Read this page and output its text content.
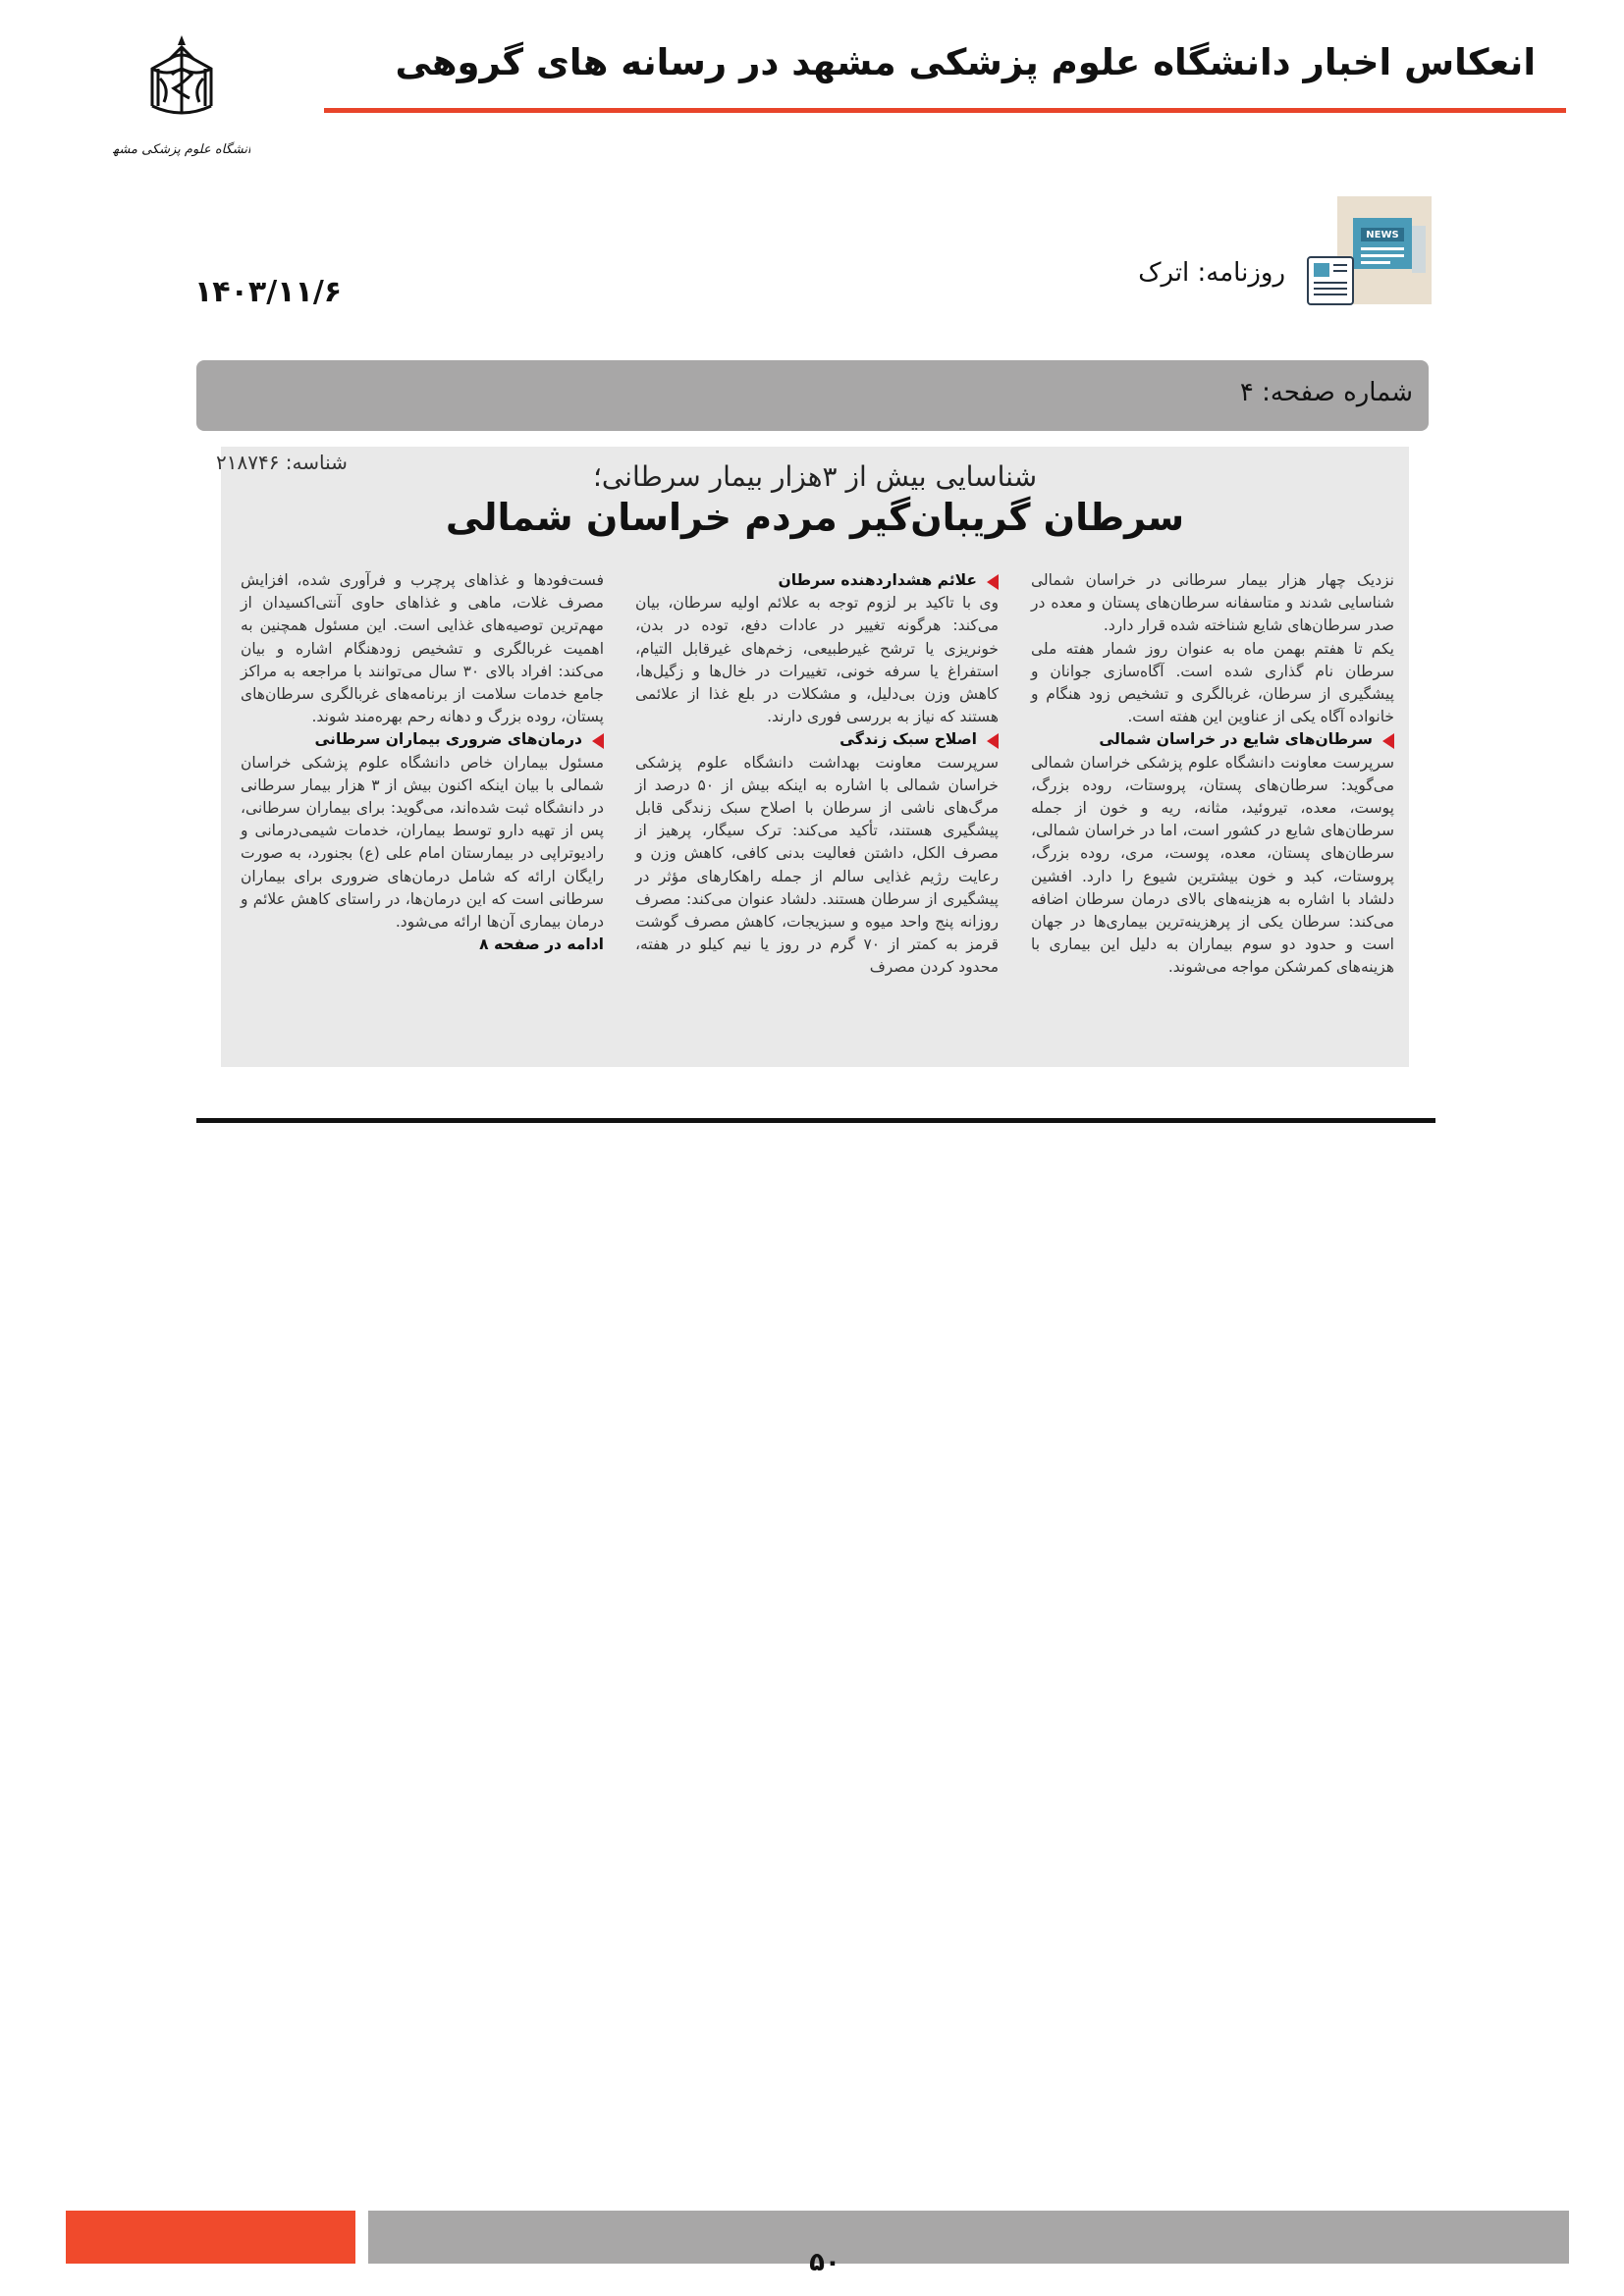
انعکاس اخبار دانشگاه علوم پزشکی مشهد در رسانه های گروهی
دانشگاه علوم پزشکی مشهد
NEWS
روزنامه: اترک
۱۴۰۳/۱۱/۶
شماره صفحه: ۴
شناسایی بیش از ۳هزار بیمار سرطانی؛
سرطان گریبان‌گیر مردم خراسان شمالی

نزدیک چهار هزار بیمار سرطانی در خراسان شمالی شناسایی شدند و متاسفانه سرطان‌های پستان و معده در صدر سرطان‌های شایع شناخته شده قرار دارد.

یکم تا هفتم بهمن ماه به عنوان روز شمار هفته ملی سرطان نام گذاری شده است. آگاه‌سازی جوانان و پیشگیری از سرطان، غربالگری و تشخیص زود هنگام و خانواده آگاه یکی از عناوین این هفته است.

سرطان‌های شایع در خراسان شمالی

سرپرست معاونت دانشگاه علوم پزشکی خراسان شمالی می‌گوید: سرطان‌های پستان، پروستات، روده بزرگ، پوست، معده، تیروئید، مثانه، ریه و خون از جمله سرطان‌های شایع در کشور است، اما در خراسان شمالی، سرطان‌های پستان، معده، پوست، مری، روده بزرگ، پروستات، کبد و خون بیشترین شیوع را دارد. افشین دلشاد با اشاره به هزینه‌های بالای درمان سرطان اضافه می‌کند: سرطان یکی از پرهزینه‌ترین بیماری‌ها در جهان است و حدود دو سوم بیماران به دلیل این بیماری با هزینه‌های کمرشکن مواجه می‌شوند.

علائم هشداردهنده سرطان

وی با تاکید بر لزوم توجه به علائم اولیه سرطان، بیان می‌کند: هرگونه تغییر در عادات دفع، توده در بدن، خونریزی یا ترشح غیرطبیعی، زخم‌های غیرقابل التیام، استفراغ یا سرفه خونی، تغییرات در خال‌ها و زگیل‌ها، کاهش وزن بی‌دلیل، و مشکلات در بلع غذا از علائمی هستند که نیاز به بررسی فوری دارند.

اصلاح سبک زندگی

سرپرست معاونت بهداشت دانشگاه علوم پزشکی خراسان شمالی با اشاره به اینکه بیش از ۵۰ درصد از مرگ‌های ناشی از سرطان با اصلاح سبک زندگی قابل پیشگیری هستند، تأکید می‌کند: ترک سیگار، پرهیز از مصرف الکل، داشتن فعالیت بدنی کافی، کاهش وزن و رعایت رژیم غذایی سالم از جمله راهکارهای مؤثر در پیشگیری از سرطان هستند. دلشاد عنوان می‌کند: مصرف روزانه پنج واحد میوه و سبزیجات، کاهش مصرف گوشت قرمز به کمتر از ۷۰ گرم در روز یا نیم کیلو در هفته، محدود کردن مصرف

فست‌فودها و غذاهای پرچرب و فرآوری شده، افزایش مصرف غلات، ماهی و غذاهای حاوی آنتی‌اکسیدان از مهم‌ترین توصیه‌های غذایی است. این مسئول همچنین به اهمیت غربالگری و تشخیص زودهنگام اشاره و بیان می‌کند: افراد بالای ۳۰ سال می‌توانند با مراجعه به مراکز جامع خدمات سلامت از برنامه‌های غربالگری سرطان‌های پستان، روده بزرگ و دهانه رحم بهره‌مند شوند.

درمان‌های ضروری بیماران سرطانی

مسئول بیماران خاص دانشگاه علوم پزشکی خراسان شمالی با بیان اینکه اکنون بیش از ۳ هزار بیمار سرطانی در دانشگاه ثبت شده‌اند، می‌گوید: برای بیماران سرطانی، پس از تهیه دارو توسط بیماران، خدمات شیمی‌درمانی و رادیوتراپی در بیمارستان امام علی (ع) بجنورد، به صورت رایگان ارائه که شامل درمان‌های ضروری برای بیماران سرطانی است که این درمان‌ها، در راستای کاهش علائم و درمان بیماری آن‌ها ارائه می‌شود.

ادامه در صفحه ۸

شناسه: ۲۱۸۷۴۶
۵۰
